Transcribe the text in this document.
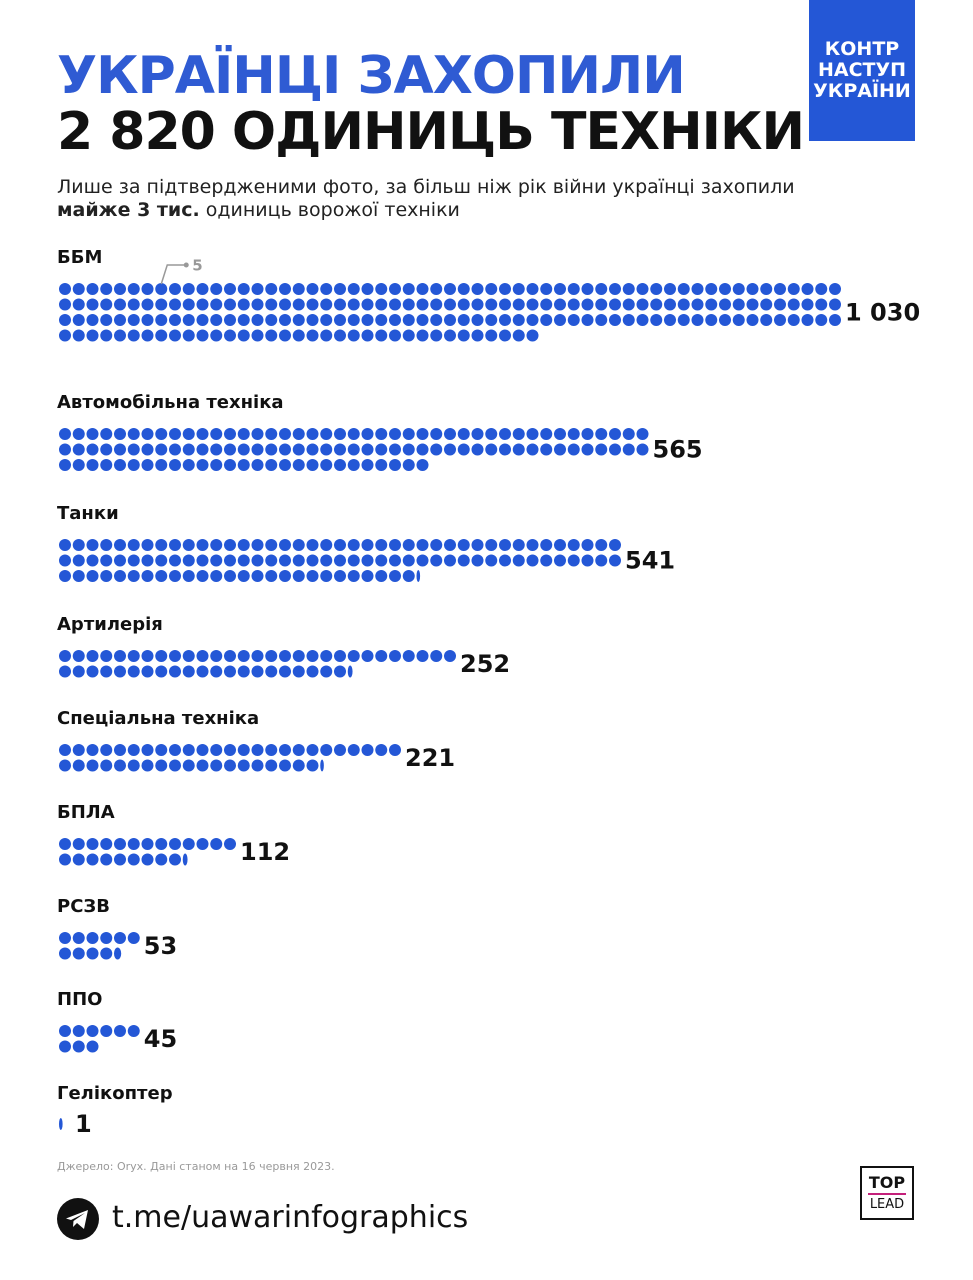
УКРАЇНЦІ ЗАХОПИЛИ
2 820 ОДИНИЦЬ ТЕХНІКИ
КОНТР
НАСТУП
УКРАЇНИ

Лише за підтвердженими фото, за більш ніж рік війни українці захопили
майже 3 тис. одиниць ворожої техніки

ББМ
1 030
5
Автомобільна техніка
565
Танки
541
Артилерія
252
Спеціальна техніка
221
БПЛА
112
РСЗВ
53
ППО
45
Гелікоптер
1
Джерело: Oryx. Дані станом на 16 червня 2023.
t.me/uawarinfographics
TOP
LEAD
